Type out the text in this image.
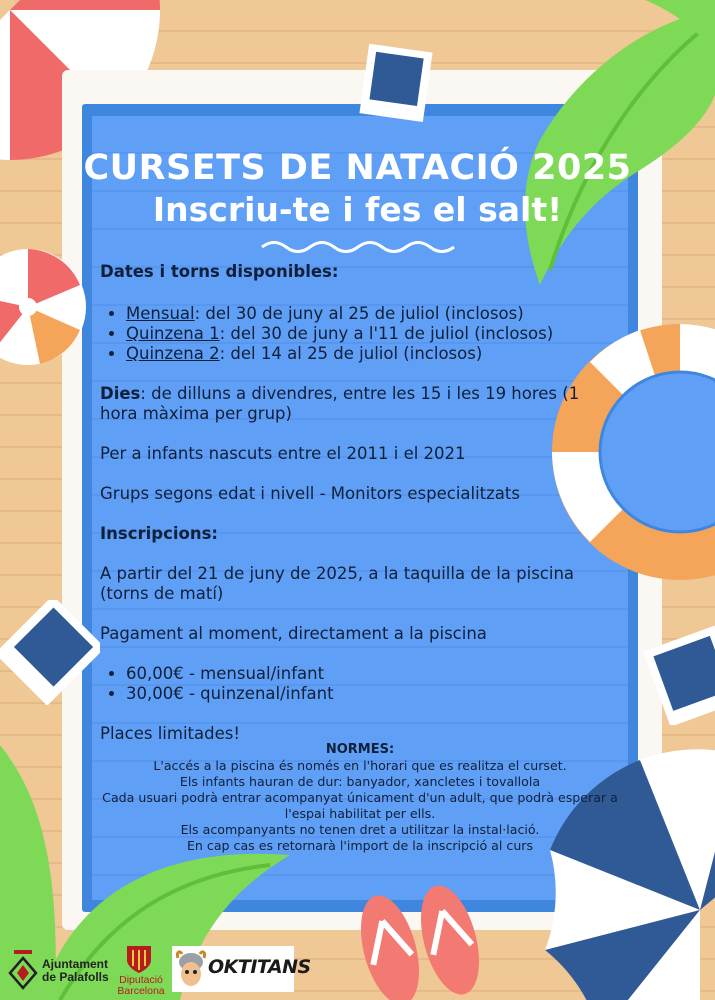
CURSETS DE NATACIÓ 2025
Inscriu-te i fes el salt!

Dates i torns disponibles:

• Mensual: del 30 de juny al 25 de juliol (inclosos)
• Quinzena 1: del 30 de juny a l'11 de juliol (inclosos)
• Quinzena 2: del 14 al 25 de juliol (inclosos)

Dies: de dilluns a divendres, entre les 15 i les 19 hores (1 hora màxima per grup)

Per a infants nascuts entre el 2011 i el 2021

Grups segons edat i nivell - Monitors especialitzats

Inscripcions:

A partir del 21 de juny de 2025, a la taquilla de la piscina (torns de matí)

Pagament al moment, directament a la piscina

• 60,00€ - mensual/infant
• 30,00€ - quinzenal/infant

Places limitades!

NORMES:
L'accés a la piscina és només en l'horari que es realitza el curset.
Els infants hauran de dur: banyador, xancletes i tovallola
Cada usuari podrà entrar acompanyat únicament d'un adult, que podrà esperar a l'espai habilitat per ells.
Els acompanyants no tenen dret a utilitzar la instal·lació.
En cap cas es retornarà l'import de la inscripció al curs
Ajuntament
de Palafolls Diputació
Barcelona
OKTITANS
